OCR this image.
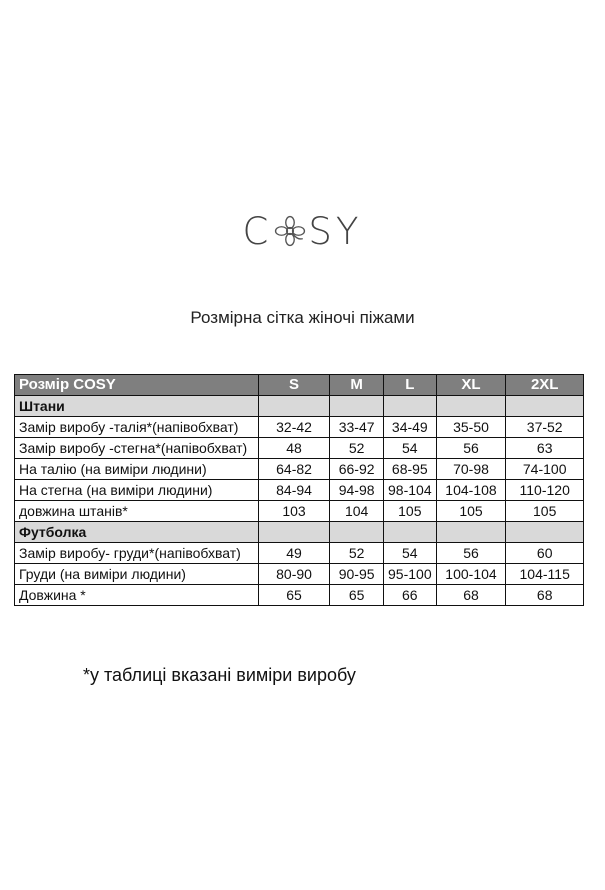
C SY
Розмірна сітка жіночі піжами
Розмір COSY	S	M	L	XL	2XL
Штани					
Замір виробу -талія*(напівобхват)	32-42	33-47	34-49	35-50	37-52
Замір виробу -стегна*(напівобхват)	48	52	54	56	63
На талію (на виміри людини)	64-82	66-92	68-95	70-98	74-100
На стегна (на виміри людини)	84-94	94-98	98-104	104-108	110-120
довжина штанів*	103	104	105	105	105
Футболка					
Замір виробу- груди*(напівобхват)	49	52	54	56	60
Груди (на виміри людини)	80-90	90-95	95-100	100-104	104-115
Довжина *	65	65	66	68	68
*у таблиці вказані виміри виробу
